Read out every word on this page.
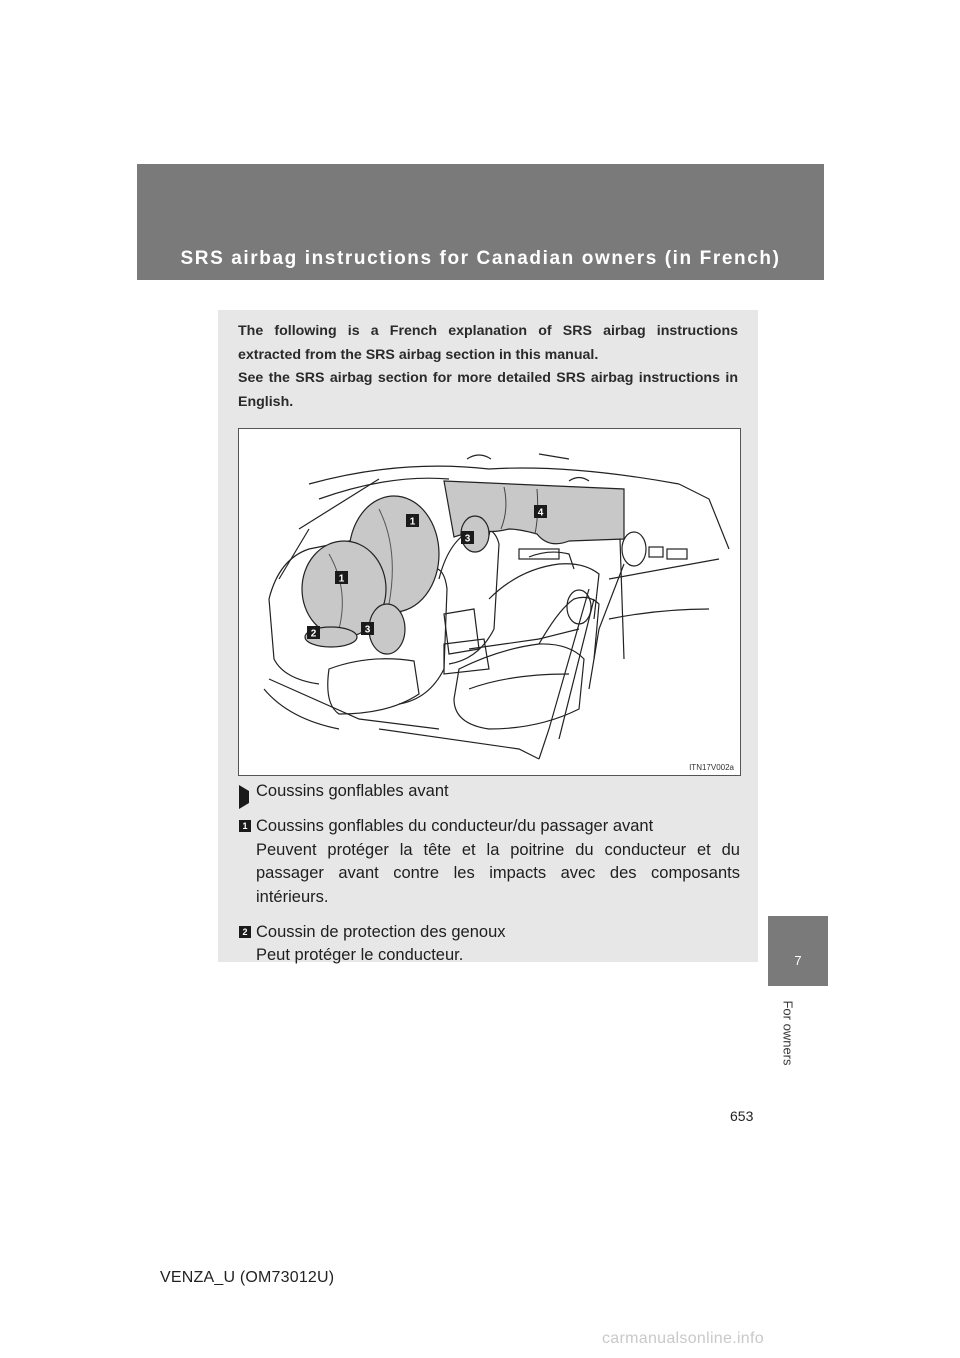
SRS airbag instructions for Canadian owners (in French)
7
For owners

The following is a French explanation of SRS airbag instructions extracted from the SRS airbag section in this manual.

See the SRS airbag section for more detailed SRS airbag instructions in English.

1
1
2
3
3
4
ITN17V002a
Coussins gonflables avant
1 Coussins gonflables du conducteur/du passager avant
Peuvent protéger la tête et la poitrine du conducteur et du passager avant contre les impacts avec des composants intérieurs.
2 Coussin de protection des genoux
Peut protéger le conducteur.
653
VENZA_U (OM73012U)
carmanualsonline.info
